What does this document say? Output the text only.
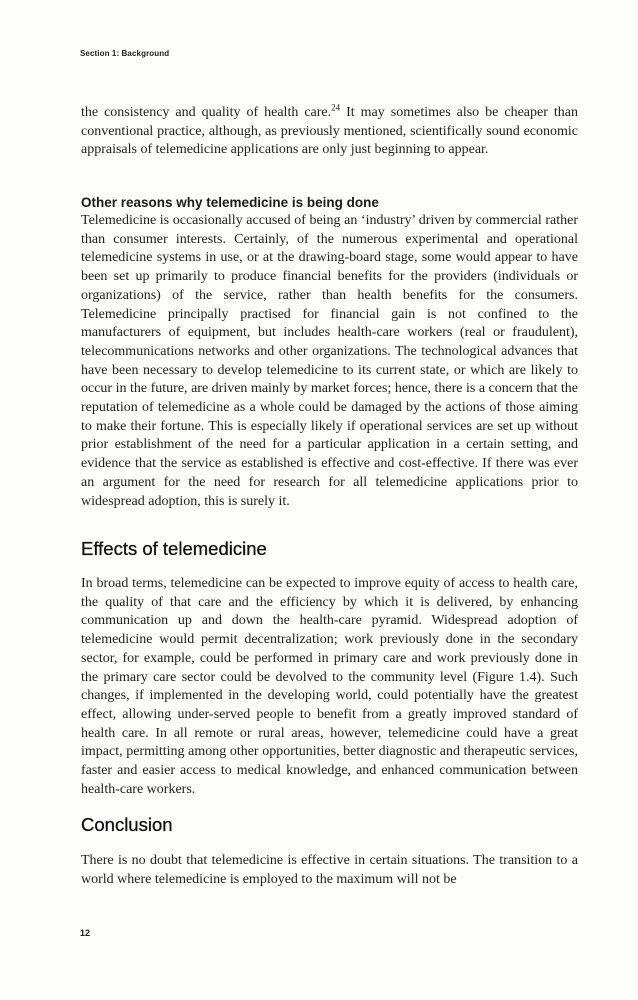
Section 1: Background

the consistency and quality of health care.$^{24}$ It may sometimes also be cheaper than conventional practice, although, as previously mentioned, scientifically sound economic appraisals of telemedicine applications are only just beginning to appear.

Other reasons why telemedicine is being done

Telemedicine is occasionally accused of being an ‘industry’ driven by commercial rather than consumer interests. Certainly, of the numerous experimental and operational telemedicine systems in use, or at the drawing-board stage, some would appear to have been set up primarily to produce financial benefits for the providers (individuals or organizations) of the service, rather than health benefits for the consumers. Telemedicine principally practised for financial gain is not confined to the manufacturers of equipment, but includes health-care workers (real or fraudulent), telecommunications networks and other organizations. The technological advances that have been necessary to develop telemedicine to its current state, or which are likely to occur in the future, are driven mainly by market forces; hence, there is a concern that the reputation of telemedicine as a whole could be damaged by the actions of those aiming to make their fortune. This is especially likely if operational services are set up without prior establishment of the need for a particular application in a certain setting, and evidence that the service as established is effective and cost-effective. If there was ever an argument for the need for research for all telemedicine applications prior to widespread adoption, this is surely it.

Effects of telemedicine

In broad terms, telemedicine can be expected to improve equity of access to health care, the quality of that care and the efficiency by which it is delivered, by enhancing communication up and down the health-care pyramid. Widespread adoption of telemedicine would permit decentralization; work previously done in the secondary sector, for example, could be performed in primary care and work previously done in the primary care sector could be devolved to the community level (Figure 1.4). Such changes, if implemented in the developing world, could potentially have the greatest effect, allowing under-served people to benefit from a greatly improved standard of health care. In all remote or rural areas, however, telemedicine could have a great impact, permitting among other opportunities, better diagnostic and therapeutic services, faster and easier access to medical knowledge, and enhanced communication between health-care workers.

Conclusion

There is no doubt that telemedicine is effective in certain situations. The transition to a world where telemedicine is employed to the maximum will not be

12
